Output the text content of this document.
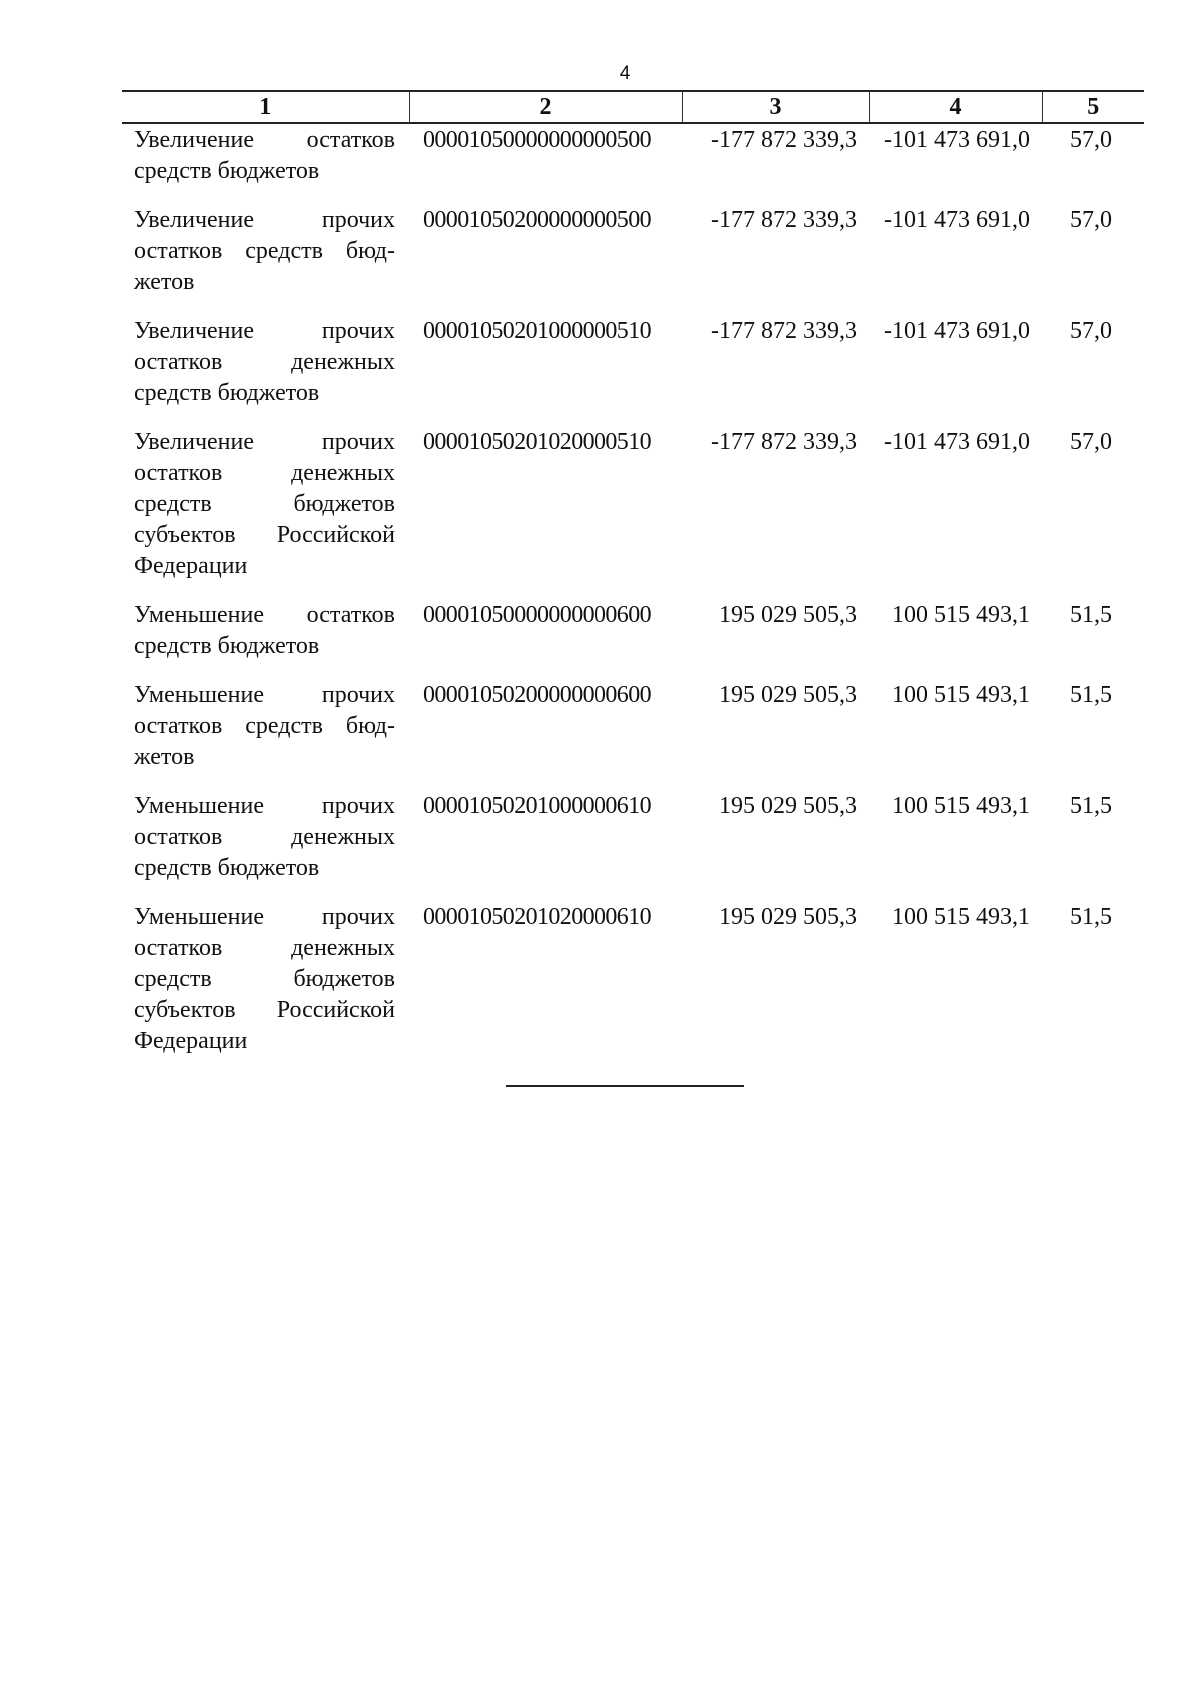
4
1	2	3	4	5
Увеличение остатков средств бюджетов	00001050000000000500	-177 872 339,3	-101 473 691,0	57,0
Увеличение прочих остатков средств бюд-жетов	00001050200000000500	-177 872 339,3	-101 473 691,0	57,0
Увеличение прочих остатков денежных средств бюджетов	00001050201000000510	-177 872 339,3	-101 473 691,0	57,0
Увеличение прочих остатков денежных средств бюджетов субъектов Российской Федерации	00001050201020000510	-177 872 339,3	-101 473 691,0	57,0
Уменьшение остатков средств бюджетов	00001050000000000600	195 029 505,3	100 515 493,1	51,5
Уменьшение прочих остатков средств бюд-жетов	00001050200000000600	195 029 505,3	100 515 493,1	51,5
Уменьшение прочих остатков денежных средств бюджетов	00001050201000000610	195 029 505,3	100 515 493,1	51,5
Уменьшение прочих остатков денежных средств бюджетов субъектов Российской Федерации	00001050201020000610	195 029 505,3	100 515 493,1	51,5
